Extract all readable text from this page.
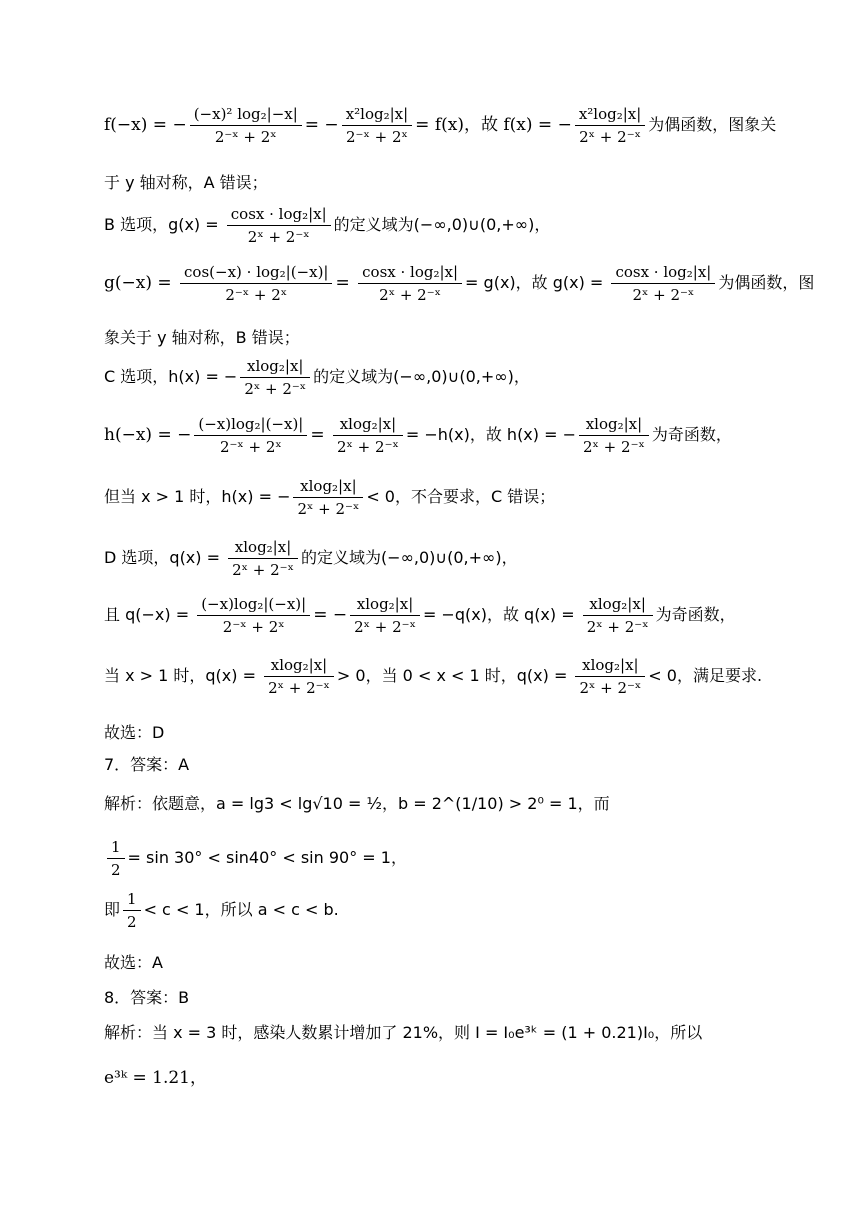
f(−x) = − $\frac{\text{(−x)² log₂|−x|}}{\text{2⁻ˣ + 2ˣ}}$ = − $\frac{\text{x²log₂|x|}}{\text{2⁻ˣ + 2ˣ}} = f(x)$，故 f(x) = − $\frac{\text{x²log₂|x|}}{\text{2ˣ + 2⁻ˣ}}$ 为偶函数，图象关
于 y 轴对称，A 错误；
B 选项，$g(x) = \frac{\text{cosx · log₂|x|}}{\text{2ˣ + 2⁻ˣ}}$ 的定义域为(−∞,0)∪(0,+∞)，
$g(-x) = \frac{\text{cos(−x) · log₂|(−x)|}}{\text{2⁻ˣ + 2ˣ}} = \frac{\text{cosx · log₂|x|}}{\text{2ˣ + 2⁻ˣ}} = g(x)$，故 $g(x) = \frac{\text{cosx · log₂|x|}}{\text{2ˣ + 2⁻ˣ}}$ 为偶函数，图
象关于 y 轴对称，B 错误；
C 选项，h(x) = − $\frac{\text{xlog₂|x|}}{\text{2ˣ + 2⁻ˣ}}$ 的定义域为(−∞,0)∪(0,+∞)，
h(−x) = − $\frac{\text{(−x)log₂|(−x)|}}{\text{2⁻ˣ + 2ˣ}} = \frac{\text{xlog₂|x|}}{\text{2ˣ + 2⁻ˣ}} = -h(x)$，故 h(x) = − $\frac{\text{xlog₂|x|}}{\text{2ˣ + 2⁻ˣ}}$ 为奇函数，
但当 x > 1 时，h(x) = − $\frac{\text{xlog₂|x|}}{\text{2ˣ + 2⁻ˣ}} < 0$，不合要求，C 错误；
D 选项，$q(x) = \frac{\text{xlog₂|x|}}{\text{2ˣ + 2⁻ˣ}}$ 的定义域为(−∞,0)∪(0,+∞)，
且 $q(-x) = \frac{\text{(−x)log₂|(−x)|}}{\text{2⁻ˣ + 2ˣ}}$ = − $\frac{\text{xlog₂|x|}}{\text{2ˣ + 2⁻ˣ}} = -q(x)$，故 $q(x) = \frac{\text{xlog₂|x|}}{\text{2ˣ + 2⁻ˣ}}$ 为奇函数，
当 x > 1 时，$q(x) = \frac{\text{xlog₂|x|}}{\text{2ˣ + 2⁻ˣ}} > 0$，当 0 < x < 1 时，$q(x) = \frac{\text{xlog₂|x|}}{\text{2ˣ + 2⁻ˣ}} < 0$，满足要求.
故选：D
7．答案：A
解析：依题意，a = lg3 < lg√10 = ½，b = 2^(1/10) > 2⁰ = 1，而
$\frac{1}{2} = \sin 30^\circ < \sin 40^\circ < \sin 90^\circ = 1$，
即 $\frac{1}{2} < c < 1$，所以 a < c < b.
故选：A
8．答案：B
解析：当 x = 3 时，感染人数累计增加了 21%，则 I = I₀e³ᵏ = (1 + 0.21)I₀，所以
e³ᵏ = 1.21，
